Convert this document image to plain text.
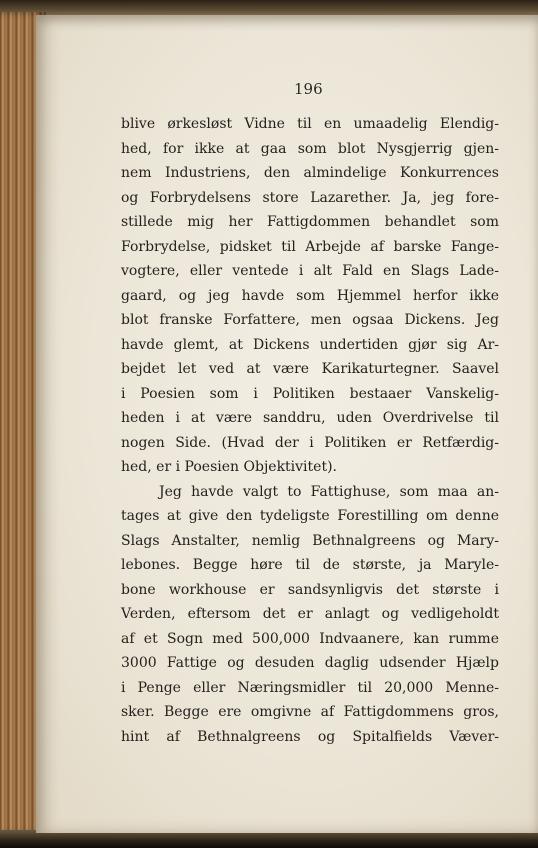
196

blive ørkesløst Vidne til en umaadelig Elendig-
hed, for ikke at gaa som blot Nysgjerrig gjen-
nem Industriens, den almindelige Konkurrences
og Forbrydelsens store Lazarether. Ja, jeg fore-
stillede mig her Fattigdommen behandlet som
Forbrydelse, pidsket til Arbejde af barske Fange-
vogtere, eller ventede i alt Fald en Slags Lade-
gaard, og jeg havde som Hjemmel herfor ikke
blot franske Forfattere, men ogsaa Dickens. Jeg
havde glemt, at Dickens undertiden gjør sig Ar-
bejdet let ved at være Karikaturtegner. Saavel
i Poesien som i Politiken bestaaer Vanskelig-
heden i at være sanddru, uden Overdrivelse til
nogen Side. (Hvad der i Politiken er Retfærdig-
hed, er i Poesien Objektivitet).
Jeg havde valgt to Fattighuse, som maa an-
tages at give den tydeligste Forestilling om denne
Slags Anstalter, nemlig Bethnalgreens og Mary-
lebones. Begge høre til de største, ja Maryle-
bone workhouse er sandsynligvis det største i
Verden, eftersom det er anlagt og vedligeholdt
af et Sogn med 500,000 Indvaanere, kan rumme
3000 Fattige og desuden daglig udsender Hjælp
i Penge eller Næringsmidler til 20,000 Menne-
sker. Begge ere omgivne af Fattigdommens gros,
hint af Bethnalgreens og Spitalfields Væver-
